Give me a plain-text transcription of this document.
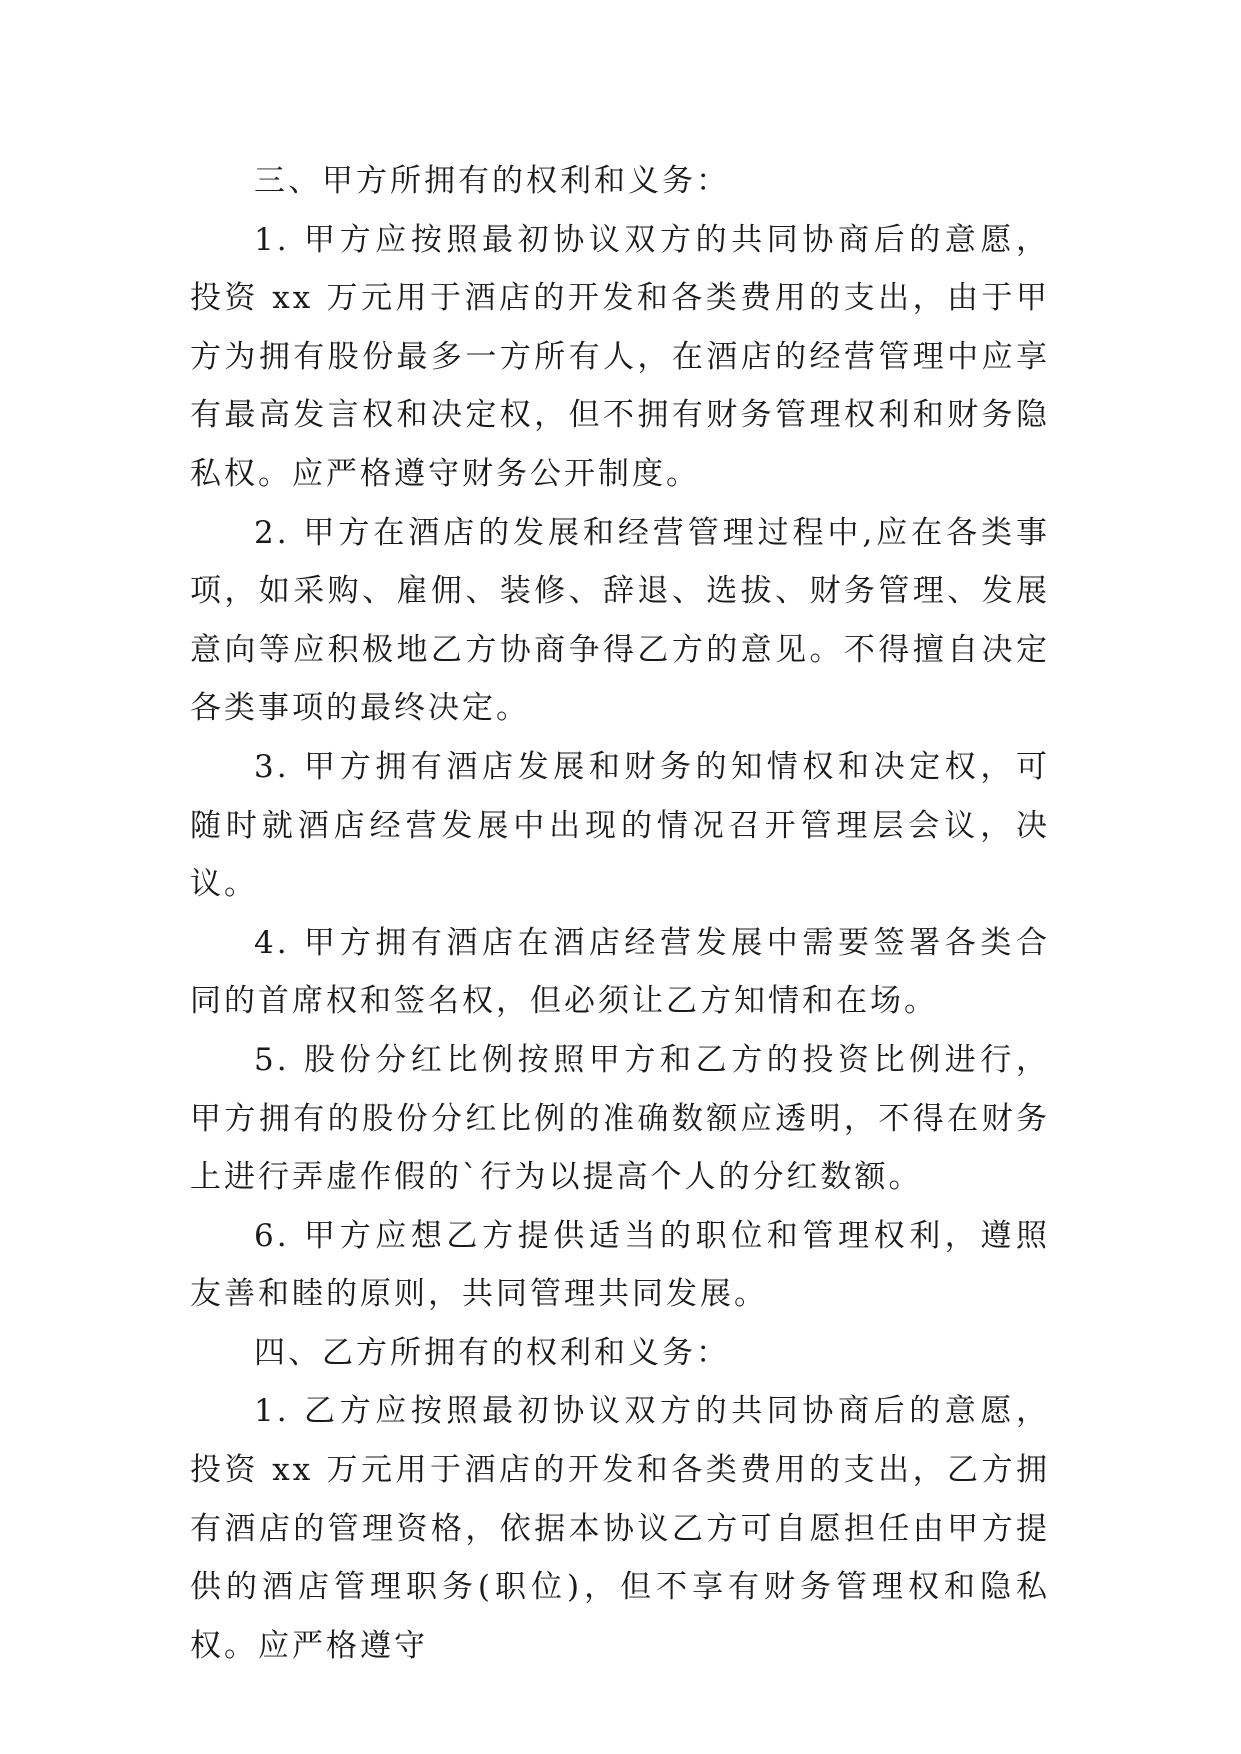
三、甲方所拥有的权利和义务：

1. 甲方应按照最初协议双方的共同协商后的意愿，投资 xx 万元用于酒店的开发和各类费用的支出，由于甲方为拥有股份最多一方所有人，在酒店的经营管理中应享有最高发言权和决定权，但不拥有财务管理权利和财务隐私权。应严格遵守财务公开制度。

2. 甲方在酒店的发展和经营管理过程中,应在各类事项，如采购、雇佣、装修、辞退、选拔、财务管理、发展意向等应积极地乙方协商争得乙方的意见。不得擅自决定各类事项的最终决定。

3. 甲方拥有酒店发展和财务的知情权和决定权，可随时就酒店经营发展中出现的情况召开管理层会议，决议。

4. 甲方拥有酒店在酒店经营发展中需要签署各类合同的首席权和签名权，但必须让乙方知情和在场。

5. 股份分红比例按照甲方和乙方的投资比例进行，甲方拥有的股份分红比例的准确数额应透明，不得在财务上进行弄虚作假的`行为以提高个人的分红数额。

6. 甲方应想乙方提供适当的职位和管理权利，遵照友善和睦的原则，共同管理共同发展。

四、乙方所拥有的权利和义务：

1. 乙方应按照最初协议双方的共同协商后的意愿，投资 xx 万元用于酒店的开发和各类费用的支出，乙方拥有酒店的管理资格，依据本协议乙方可自愿担任由甲方提供的酒店管理职务(职位)，但不享有财务管理权和隐私权。应严格遵守
